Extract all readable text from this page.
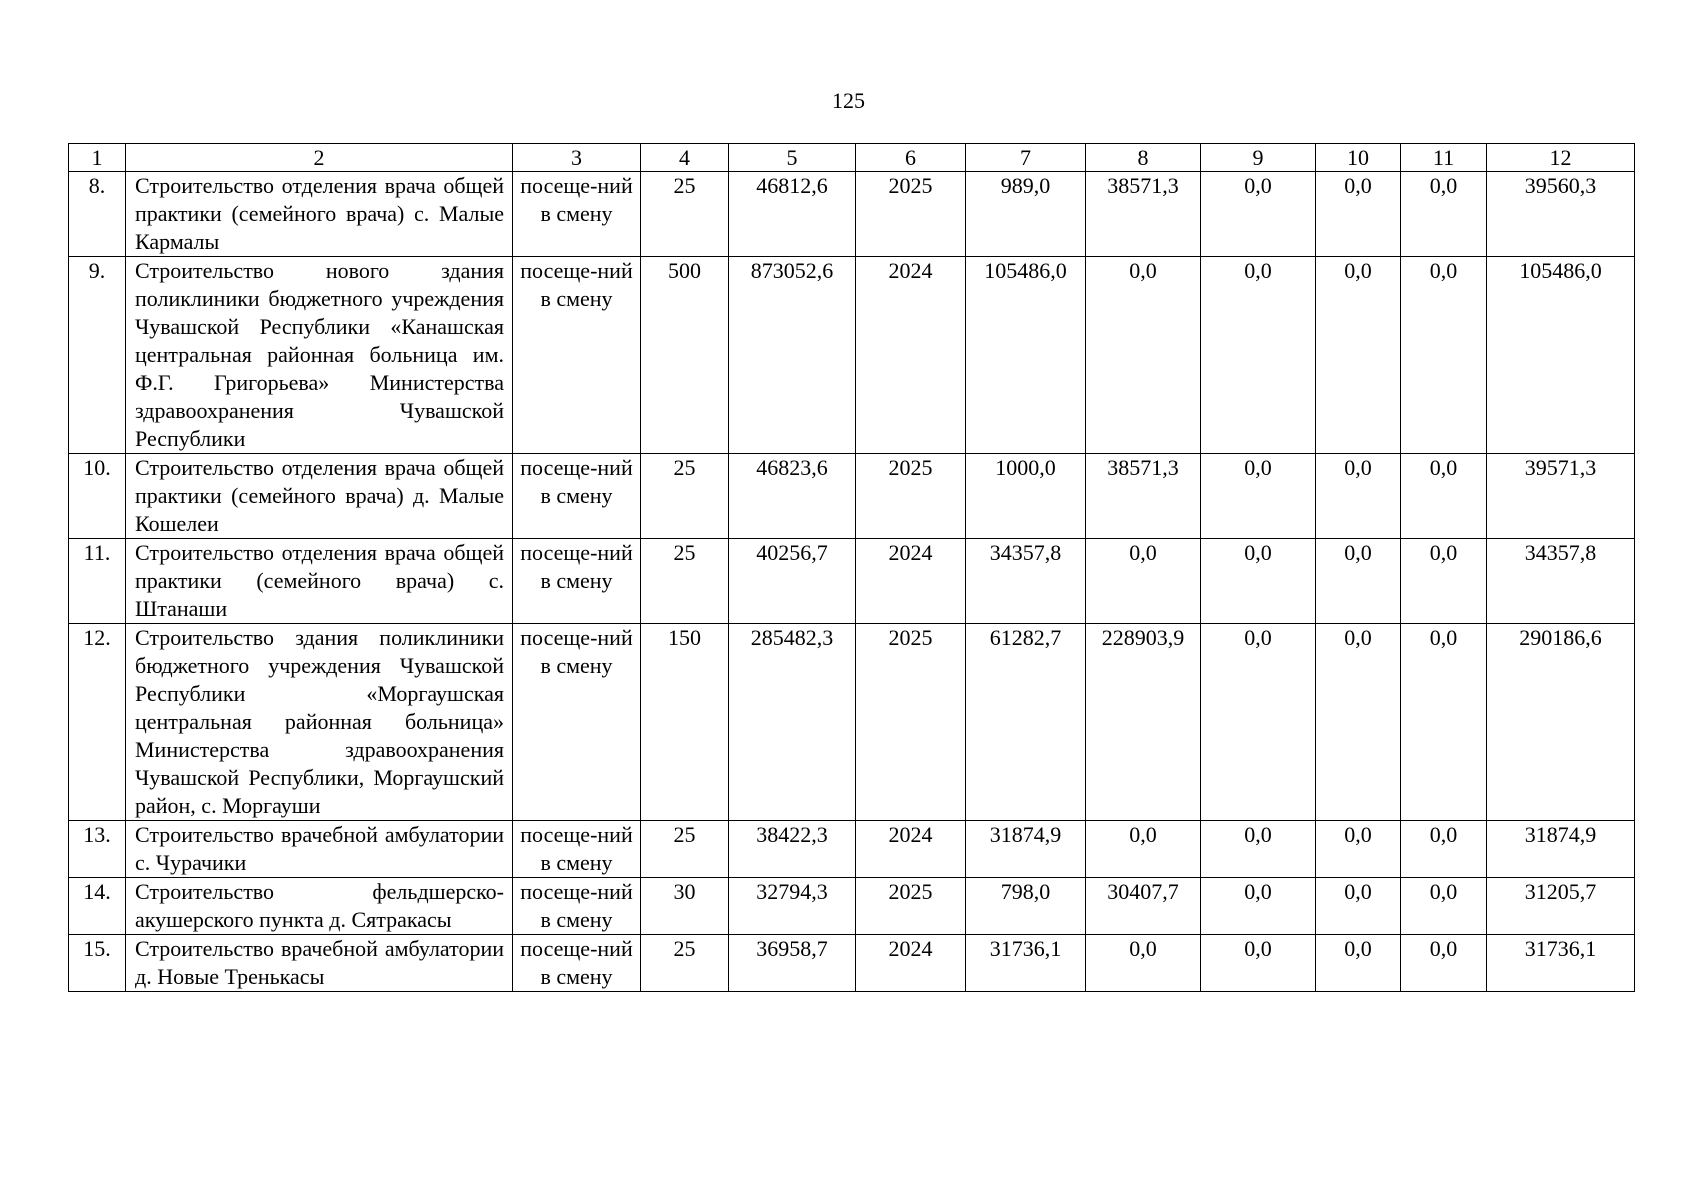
125
1	2	3	4	5	6	7	8	9	10	11	12
8.	Строительство отделения врача общей практики (семейного врача) с. Малые Кармалы	посеще-ний в смену	25	46812,6	2025	989,0	38571,3	0,0	0,0	0,0	39560,3
9.	Строительство нового здания поликлиники бюджетного учреждения Чувашской Республики «Канашская центральная районная больница им. Ф.Г. Григорьева» Министерства здравоохранения Чувашской Республики	посеще-ний в смену	500	873052,6	2024	105486,0	0,0	0,0	0,0	0,0	105486,0
10.	Строительство отделения врача общей практики (семейного врача) д. Малые Кошелеи	посеще-ний в смену	25	46823,6	2025	1000,0	38571,3	0,0	0,0	0,0	39571,3
11.	Строительство отделения врача общей практики (семейного врача) с. Штанаши	посеще-ний в смену	25	40256,7	2024	34357,8	0,0	0,0	0,0	0,0	34357,8
12.	Строительство здания поликлиники бюджетного учреждения Чувашской Республики «Моргаушская центральная районная больница» Министерства здравоохранения Чувашской Республики, Моргаушский район, с. Моргауши	посеще-ний в смену	150	285482,3	2025	61282,7	228903,9	0,0	0,0	0,0	290186,6
13.	Строительство врачебной амбулатории с. Чурачики	посеще-ний в смену	25	38422,3	2024	31874,9	0,0	0,0	0,0	0,0	31874,9
14.	Строительство фельдшерско-акушерского пункта д. Сятракасы	посеще-ний в смену	30	32794,3	2025	798,0	30407,7	0,0	0,0	0,0	31205,7
15.	Строительство врачебной амбулатории д. Новые Тренькасы	посеще-ний в смену	25	36958,7	2024	31736,1	0,0	0,0	0,0	0,0	31736,1
